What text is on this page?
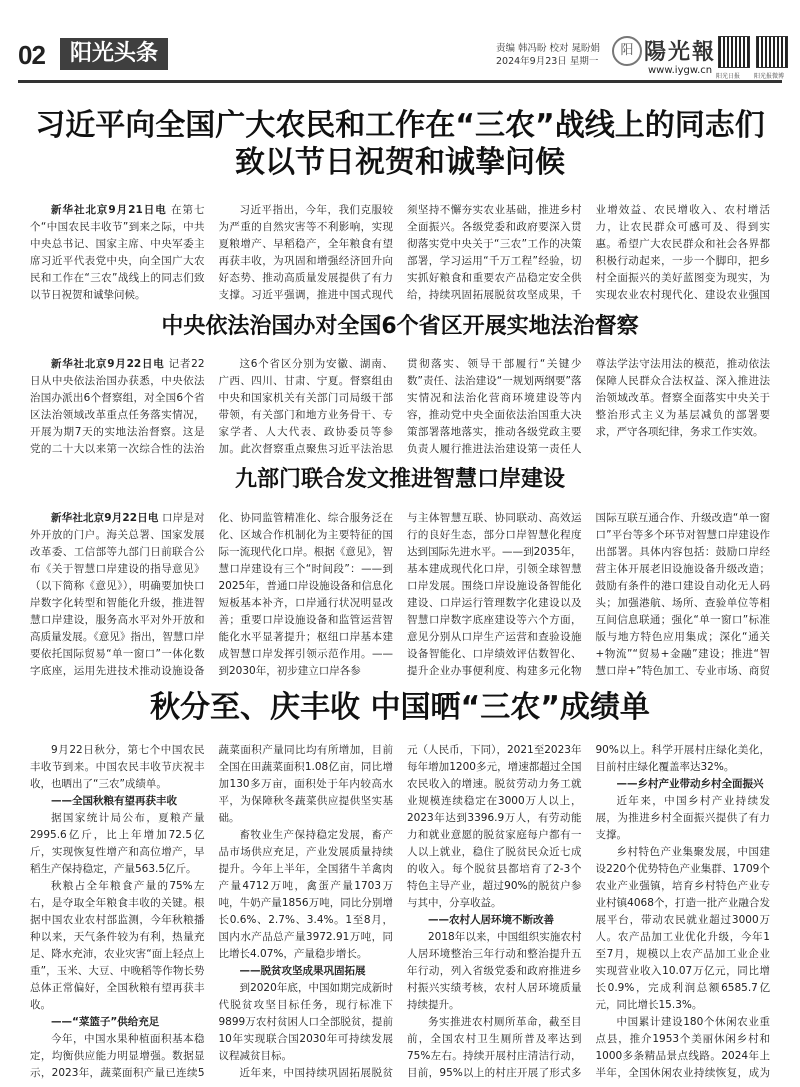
02	阳光头条	责编 韩冯盼 校对 晁盼娟
2024年9月23日 星期一
阳 陽光報
www.iygw.cn
阳光日报 阳光报微博
习近平向全国广大农民和工作在“三农”战线上的同志们
致以节日祝贺和诚挚问候

新华社北京9月21日电 在第七个“中国农民丰收节”到来之际，中共中央总书记、国家主席、中央军委主席习近平代表党中央，向全国广大农民和工作在“三农”战线上的同志们致以节日祝贺和诚挚问候。

习近平指出，今年，我们克服较为严重的自然灾害等不利影响，实现夏粮增产、早稻稳产，全年粮食有望再获丰收，为巩固和增强经济回升向好态势、推动高质量发展提供了有力支撑。习近平强调，推进中国式现代

须坚持不懈夯实农业基础，推进乡村全面振兴。各级党委和政府要深入贯彻落实党中央关于“三农”工作的决策部署，学习运用“千万工程”经验，切实抓好粮食和重要农产品稳定安全供给，持续巩固拓展脱贫攻坚成果，千

业增效益、农民增收入、农村增活力，让农民群众可感可及、得到实惠。希望广大农民群众和社会各界都积极行动起来，一步一个脚印，把乡村全面振兴的美好蓝图变为现实，为实现农业农村现代化、建设农业强国

中央依法治国办对全国6个省区开展实地法治督察

新华社北京9月22日电 记者22日从中央依法治国办获悉，中央依法治国办派出6个督察组，对全国6个省区法治领域改革重点任务落实情况，开展为期7天的实地法治督察。这是党的二十大以来第一次综合性的法治

这6个省区分别为安徽、湖南、广西、四川、甘肃、宁夏。督察组由中央和国家机关有关部门司局级干部带领，有关部门和地方业务骨干、专家学者、人大代表、政协委员等参加。此次督察重点聚焦习近平法治思

贯彻落实、领导干部履行“关键少数”责任、法治建设“一规划两纲要”落实情况和法治化营商环境建设等内容，推动党中央全面依法治国重大决策部署落地落实，推动各级党政主要负责人履行推进法治建设第一责任人

尊法学法守法用法的模范，推动依法保障人民群众合法权益、深入推进法治领域改革。督察全面落实中央关于整治形式主义为基层减负的部署要求，严守各项纪律，务求工作实效。

九部门联合发文推进智慧口岸建设

新华社北京9月22日电 口岸是对外开放的门户。海关总署、国家发展改革委、工信部等九部门日前联合公布《关于智慧口岸建设的指导意见》（以下简称《意见》），明确要加快口岸数字化转型和智能化升级，推进智慧口岸建设，服务高水平对外开放和高质量发展。《意见》指出，智慧口岸要依托国际贸易“单一窗口”一体化数字底座，运用先进技术推动设施设备

化、协同监管精准化、综合服务泛在化、区域合作机制化为主要特征的国际一流现代化口岸。根据《意见》，智慧口岸建设有三个“时间段”：——到2025年，普通口岸设施设备和信息化短板基本补齐，口岸通行状况明显改善；重要口岸设施设备和监管运营智能化水平显著提升；枢纽口岸基本建成智慧口岸发挥引领示范作用。——到2030年，初步建立口岸各参

与主体智慧互联、协同联动、高效运行的良好生态，部分口岸智慧化程度达到国际先进水平。——到2035年，基本建成现代化口岸，引领全球智慧口岸发展。围绕口岸设施设备智能化建设、口岸运行管理数字化建设以及智慧口岸数字底座建设等六个方面，意见分别从口岸生产运营和查验设施设备智能化、口岸绩效评估数智化、提升企业办事便利度、构建多元化物

国际互联互通合作、升级改造“单一窗口”平台等多个环节对智慧口岸建设作出部署。具体内容包括：鼓励口岸经营主体开展老旧设施设备升级改造；鼓励有条件的港口建设自动化无人码头；加强港航、场所、查验单位等相互间信息联通；强化“单一窗口”标准版与地方特色应用集成；深化“通关+物流”“贸易+金融”建设；推进“智慧口岸+”特色加工、专业市场、商贸

秋分至、庆丰收 中国晒“三农”成绩单

9月22日秋分，第七个中国农民丰收节到来。中国农民丰收节庆祝丰收，也晒出了“三农”成绩单。

——全国秋粮有望再获丰收

据国家统计局公布，夏粮产量2995.6亿斤，比上年增加72.5亿斤，实现恢复性增产和高位增产，早稻生产保持稳定，产量563.5亿斤。

秋粮占全年粮食产量的75%左右，是夺取全年粮食丰收的关键。根据中国农业农村部监测，今年秋粮播种以来，天气条件较为有利，热量充足、降水充沛，农业灾害“面上轻点上重”，玉米、大豆、中晚稻等作物长势总体正常偏好，全国秋粮有望再获丰收。

——“菜篮子”供给充足

今年，中国水果种植面积基本稳定，均衡供应能力明显增强。数据显示，2023年，蔬菜面积产量已连续5

蔬菜面积产量同比均有所增加，目前全国在田蔬菜面积1.08亿亩，同比增加130多万亩，面积处于年内较高水平，为保障秋冬蔬菜供应提供坚实基础。

畜牧业生产保持稳定发展，畜产品市场供应充足，产业发展质量持续提升。今年上半年，全国猪牛羊禽肉产量4712万吨，禽蛋产量1703万吨，牛奶产量1856万吨，同比分别增长0.6%、2.7%、3.4%。1至8月，国内水产品总产量3972.91万吨，同比增长4.07%，产量稳步增长。

——脱贫攻坚成果巩固拓展

到2020年底，中国如期完成新时代脱贫攻坚目标任务，现行标准下9899万农村贫困人口全部脱贫，提前10年实现联合国2030年可持续发展议程减贫目标。

近年来，中国持续巩固拓展脱贫

元（人民币，下同），2021至2023年每年增加1200多元，增速都超过全国农民收入的增速。脱贫劳动力务工就业规模连续稳定在3000万人以上，2023年达到3396.9万人，有劳动能力和就业意愿的脱贫家庭每户都有一人以上就业，稳住了脱贫民众近七成的收入。每个脱贫县都培育了2-3个特色主导产业，超过90%的脱贫户参与其中，分享收益。

——农村人居环境不断改善

2018年以来，中国组织实施农村人居环境整治三年行动和整治提升五年行动，列入省级党委和政府推进乡村振兴实绩考核，农村人居环境质量持续提升。

务实推进农村厕所革命，截至目前，全国农村卫生厕所普及率达到75%左右。持续开展村庄清洁行动，目前，95%以上的村庄开展了形式多

90%以上。科学开展村庄绿化美化，目前村庄绿化覆盖率达32%。

——乡村产业带动乡村全面振兴

近年来，中国乡村产业持续发展，为推进乡村全面振兴提供了有力支撑。

乡村特色产业集聚发展，中国建设220个优势特色产业集群、1709个农业产业强镇，培育乡村特色产业专业村镇4068个，打造一批产业融合发展平台，带动农民就业超过3000万人。农产品加工业优化升级，今年1至7月，规模以上农产品加工业企业实现营业收入10.07万亿元，同比增长0.9%，完成利润总额6585.7亿元，同比增长15.3%。

中国累计建设180个休闲农业重点县，推介1953个美丽休闲乡村和1000多条精品景点线路。2024年上半年，全国休闲农业持续恢复，成为
